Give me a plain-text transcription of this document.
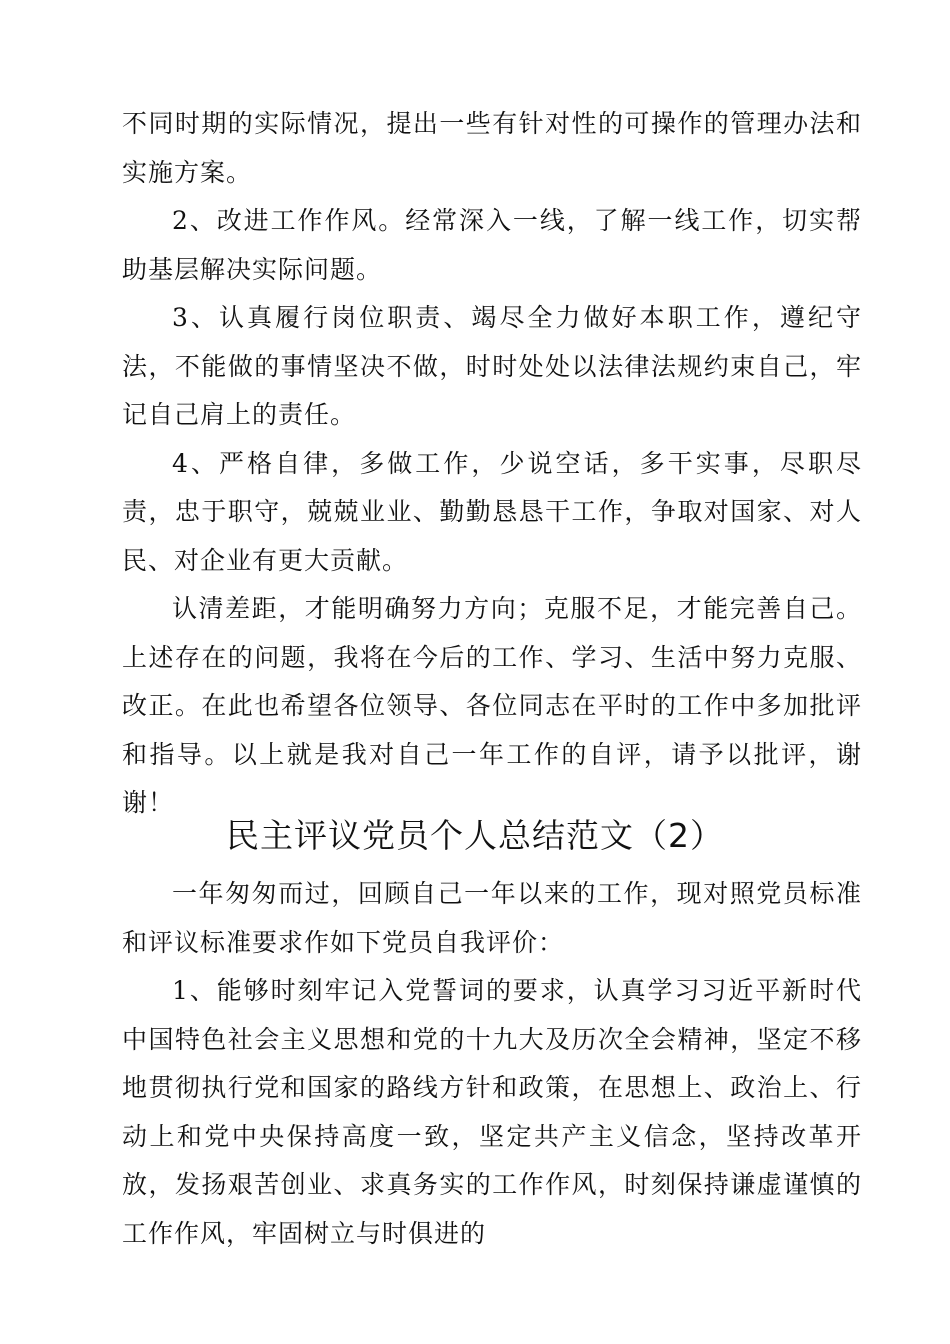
不同时期的实际情况，提出一些有针对性的可操作的管理办法和实施方案。

2、改进工作作风。经常深入一线，了解一线工作，切实帮助基层解决实际问题。

3、认真履行岗位职责、竭尽全力做好本职工作，遵纪守法，不能做的事情坚决不做，时时处处以法律法规约束自己，牢记自己肩上的责任。

4、严格自律，多做工作，少说空话，多干实事，尽职尽责，忠于职守，兢兢业业、勤勤恳恳干工作，争取对国家、对人民、对企业有更大贡献。

认清差距，才能明确努力方向；克服不足，才能完善自己。上述存在的问题，我将在今后的工作、学习、生活中努力克服、改正。在此也希望各位领导、各位同志在平时的工作中多加批评和指导。以上就是我对自己一年工作的自评，请予以批评，谢谢！

民主评议党员个人总结范文（2）

一年匆匆而过，回顾自己一年以来的工作，现对照党员标准和评议标准要求作如下党员自我评价：

1、能够时刻牢记入党誓词的要求，认真学习习近平新时代中国特色社会主义思想和党的十九大及历次全会精神，坚定不移地贯彻执行党和国家的路线方针和政策，在思想上、政治上、行动上和党中央保持高度一致，坚定共产主义信念，坚持改革开放，发扬艰苦创业、求真务实的工作作风，时刻保持谦虚谨慎的工作作风，牢固树立与时俱进的
